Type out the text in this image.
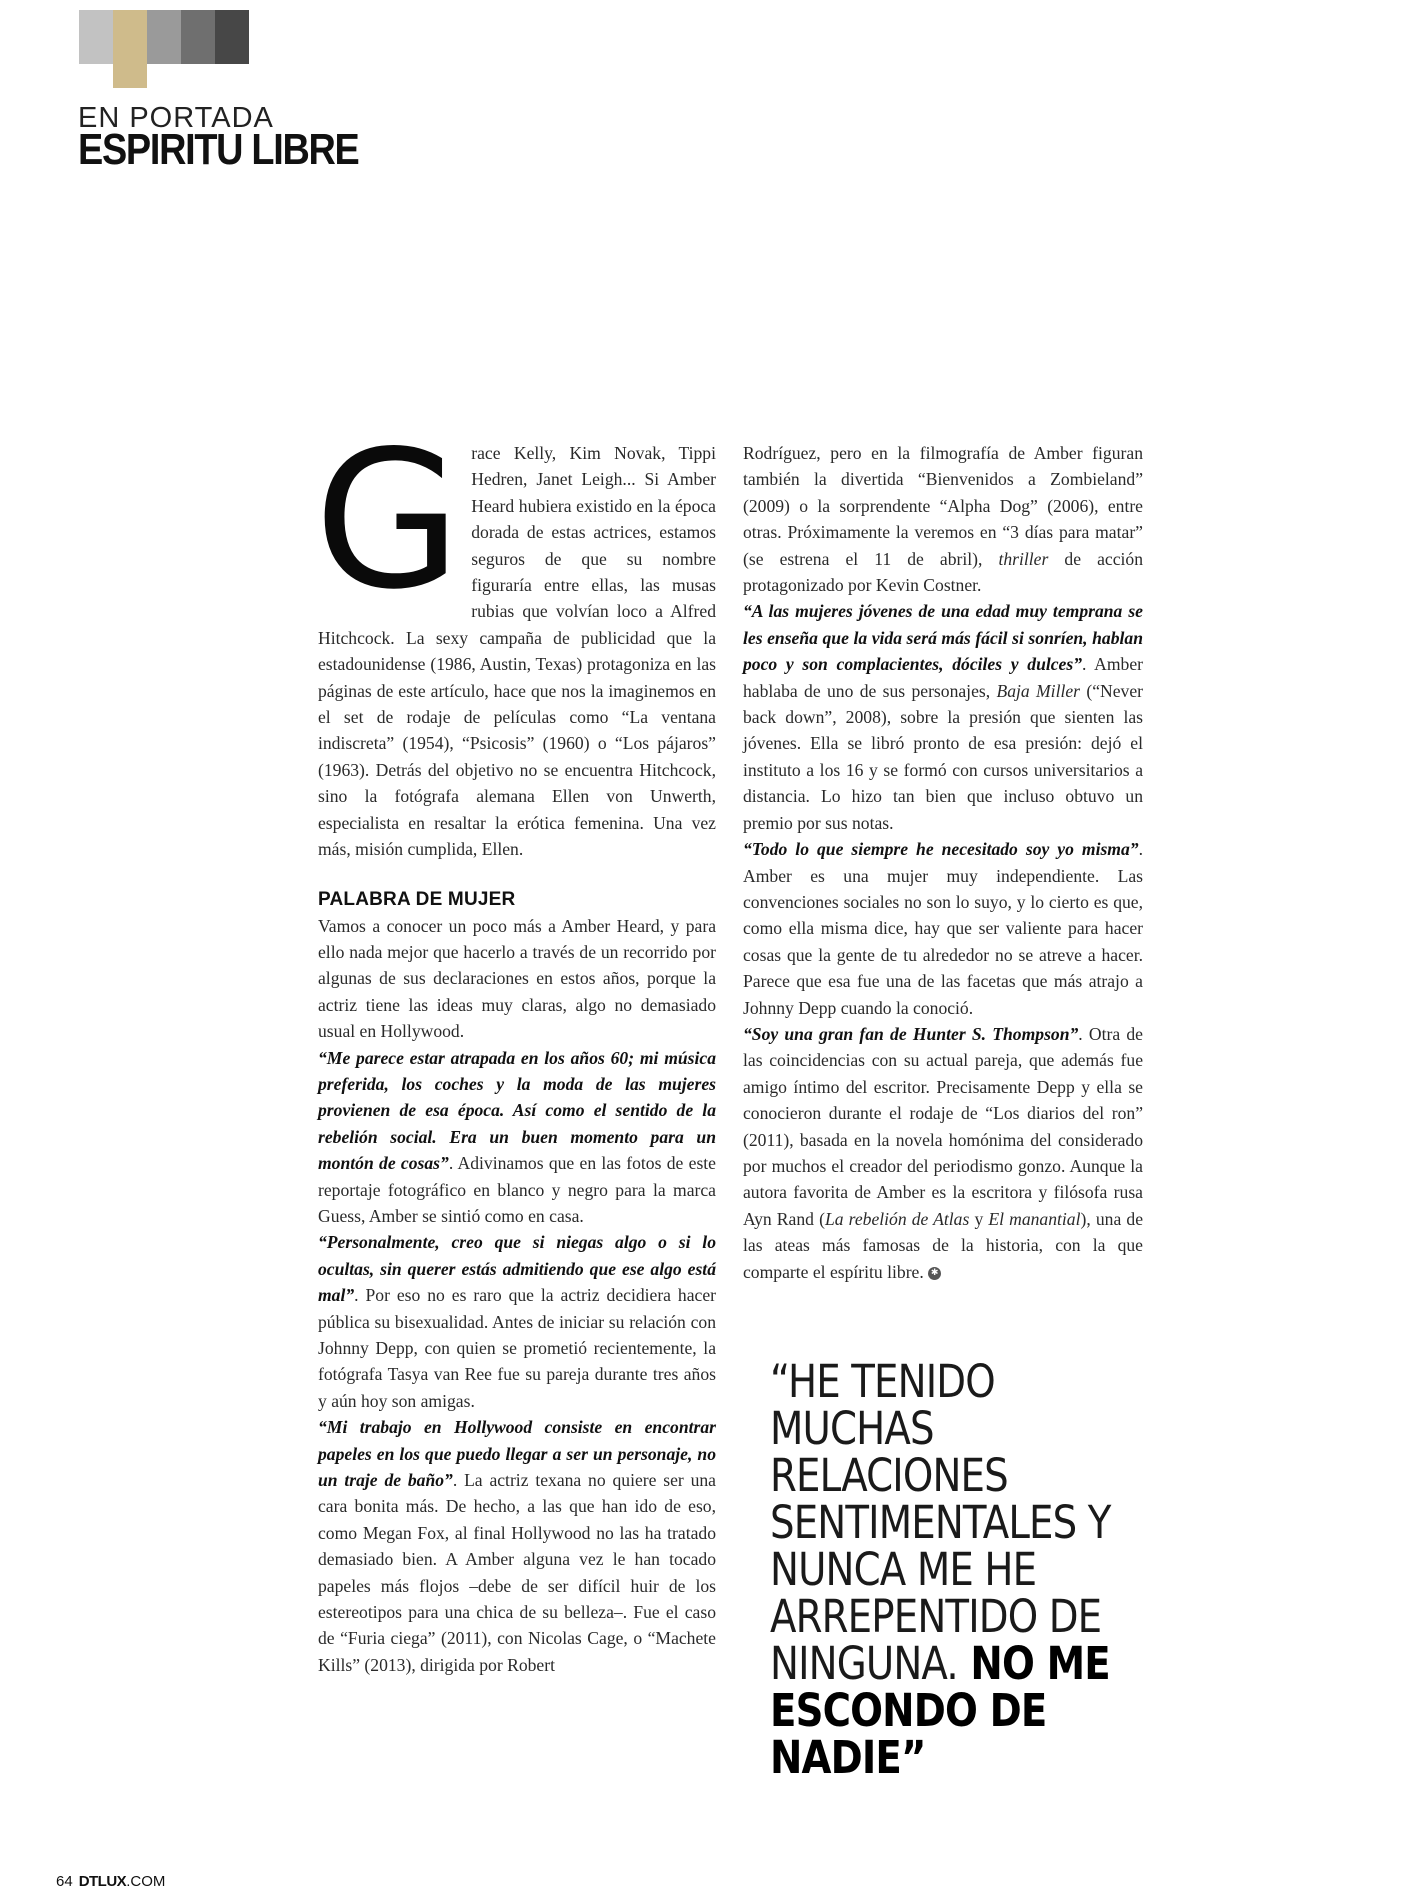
EN PORTADA
ESPIRITU LIBRE

Grace Kelly, Kim Novak, Tippi Hedren, Janet Leigh... Si Amber Heard hubiera existido en la época dorada de estas actrices, estamos seguros de que su nombre figuraría entre ellas, las musas rubias que volvían loco a Alfred Hitchcock. La sexy campaña de publicidad que la estadounidense (1986, Austin, Texas) protagoniza en las páginas de este artículo, hace que nos la imaginemos en el set de rodaje de películas como “La ventana indiscreta” (1954), “Psicosis” (1960) o “Los pájaros” (1963). Detrás del objetivo no se encuentra Hitchcock, sino la fotógrafa alemana Ellen von Unwerth, especialista en resaltar la erótica femenina. Una vez más, misión cumplida, Ellen.

PALABRA DE MUJER

Vamos a conocer un poco más a Amber Heard, y para ello nada mejor que hacerlo a través de un recorrido por algunas de sus declaraciones en estos años, porque la actriz tiene las ideas muy claras, algo no demasiado usual en Hollywood.
“Me parece estar atrapada en los años 60; mi música preferida, los coches y la moda de las mujeres provienen de esa época. Así como el sentido de la rebelión social. Era un buen momento para un montón de cosas”. Adivinamos que en las fotos de este reportaje fotográfico en blanco y negro para la marca Guess, Amber se sintió como en casa.
“Personalmente, creo que si niegas algo o si lo ocultas, sin querer estás admitiendo que ese algo está mal”. Por eso no es raro que la actriz decidiera hacer pública su bisexualidad. Antes de iniciar su relación con Johnny Depp, con quien se prometió recientemente, la fotógrafa Tasya van Ree fue su pareja durante tres años y aún hoy son amigas.
“Mi trabajo en Hollywood consiste en encontrar papeles en los que puedo llegar a ser un personaje, no un traje de baño”. La actriz texana no quiere ser una cara bonita más. De hecho, a las que han ido de eso, como Megan Fox, al final Hollywood no las ha tratado demasiado bien. A Amber alguna vez le han tocado papeles más flojos –debe de ser difícil huir de los estereotipos para una chica de su belleza–. Fue el caso de “Furia ciega” (2011), con Nicolas Cage, o “Machete Kills” (2013), dirigida por Robert

Rodríguez, pero en la filmografía de Amber figuran también la divertida “Bienvenidos a Zombieland” (2009) o la sorprendente “Alpha Dog” (2006), entre otras. Próximamente la veremos en “3 días para matar” (se estrena el 11 de abril), thriller de acción protagonizado por Kevin Costner.
“A las mujeres jóvenes de una edad muy temprana se les enseña que la vida será más fácil si sonríen, hablan poco y son complacientes, dóciles y dulces”. Amber hablaba de uno de sus personajes, Baja Miller (“Never back down”, 2008), sobre la presión que sienten las jóvenes. Ella se libró pronto de esa presión: dejó el instituto a los 16 y se formó con cursos universitarios a distancia. Lo hizo tan bien que incluso obtuvo un premio por sus notas.
“Todo lo que siempre he necesitado soy yo misma”. Amber es una mujer muy independiente. Las convenciones sociales no son lo suyo, y lo cierto es que, como ella misma dice, hay que ser valiente para hacer cosas que la gente de tu alrededor no se atreve a hacer. Parece que esa fue una de las facetas que más atrajo a Johnny Depp cuando la conoció.
“Soy una gran fan de Hunter S. Thompson”. Otra de las coincidencias con su actual pareja, que además fue amigo íntimo del escritor. Precisamente Depp y ella se conocieron durante el rodaje de “Los diarios del ron” (2011), basada en la novela homónima del considerado por muchos el creador del periodismo gonzo. Aunque la autora favorita de Amber es la escritora y filósofa rusa Ayn Rand (La rebelión de Atlas y El manantial), una de las ateas más famosas de la historia, con la que comparte el espíritu libre. ✱

“HE TENIDO MUCHAS RELACIONES SENTIMENTALES Y NUNCA ME HE ARREPENTIDO DE NINGUNA. NO ME ESCONDO DE NADIE”

64 DTLUX.COM
